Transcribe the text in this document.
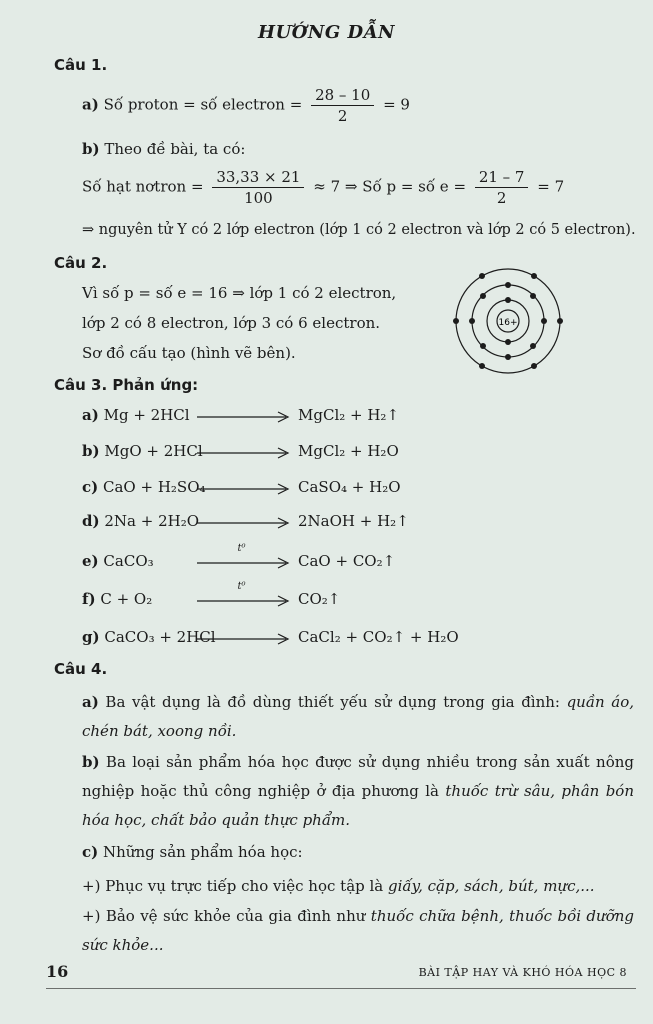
HƯỚNG DẪN
Câu 1.
a) Số proton = số electron = $\frac{28 - 10}{2} = 9$
b) Theo đề bài, ta có:
Số hạt nơtron = $\frac{33,33 \times 21}{100} \approx 7$ ⇒ Số p = số $e = \frac{21 - 7}{2} = 7$
⇒ nguyên tử Y có 2 lớp electron (lớp 1 có 2 electron và lớp 2 có 5 electron).
Câu 2.
Vì số p = số e = 16 ⇒ lớp 1 có 2 electron,
lớp 2 có 8 electron, lớp 3 có 6 electron.
Sơ đồ cấu tạo (hình vẽ bên).
16+
Câu 3. Phản ứng:
a) Mg + 2HCl	MgCl₂ + H₂↑
b) MgO + 2HCl	MgCl₂ + H₂O
c) CaO + H₂SO₄	CaSO₄ + H₂O
d) 2Na + 2H₂O	2NaOH + H₂↑
e) CaCO₃	CaO + CO₂↑
t⁰
f) C + O₂	CO₂↑
t⁰
g) CaCO₃ + 2HCl	CaCl₂ + CO₂↑ + H₂O
Câu 4.
a) Ba vật dụng là đồ dùng thiết yếu sử dụng trong gia đình: quần áo, chén bát, xoong nồi.
b) Ba loại sản phẩm hóa học được sử dụng nhiều trong sản xuất nông nghiệp hoặc thủ công nghiệp ở địa phương là thuốc trừ sâu, phân bón hóa học, chất bảo quản thực phẩm.
c) Những sản phẩm hóa học:
+) Phục vụ trực tiếp cho việc học tập là giấy, cặp, sách, bút, mực,...
+) Bảo vệ sức khỏe của gia đình như thuốc chữa bệnh, thuốc bồi dưỡng sức khỏe...
16	BÀI TẬP HAY VÀ KHÓ HÓA HỌC 8
